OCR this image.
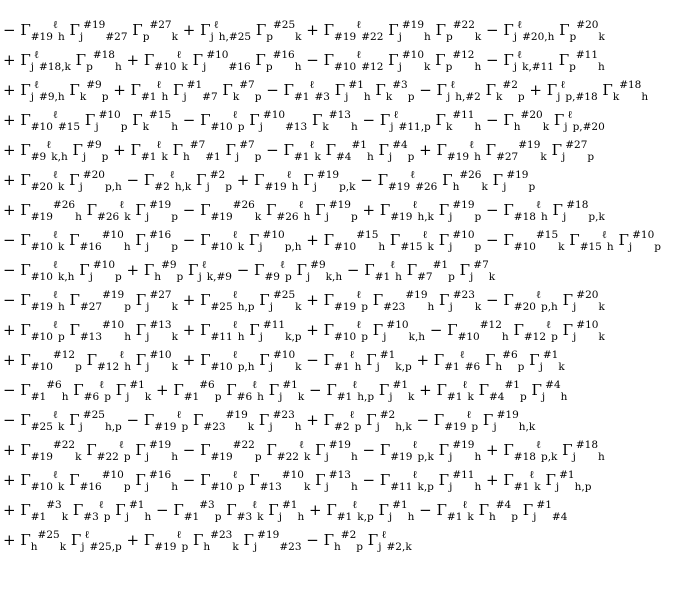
− $\Gamma_{\#19}^\ell_h$ $\Gamma_j^{\#19}_{\#27}$ $\Gamma_p^{\#27}_k + \Gamma_j^\ell_{h,\#25}$ $\Gamma_p^{\#25}_k + \Gamma_{\#19}^\ell_{\#22}$ $\Gamma_j^{\#19}_h$ $\Gamma_p^{\#22}_k - \Gamma_j^\ell_{\#20,h}$ $\Gamma_p^{\#20}_k$
+ $\Gamma_j^\ell_{\#18,k}$ $\Gamma_p^{\#18}_h + \Gamma_{\#10}^\ell_k$ $\Gamma_j^{\#10}_{\#16}$ $\Gamma_p^{\#16}_h - \Gamma_{\#10}^\ell_{\#12}$ $\Gamma_j^{\#10}_k$ $\Gamma_p^{\#12}_h - \Gamma_j^\ell_{k,\#11}$ $\Gamma_p^{\#11}_h$
+ $\Gamma_j^\ell_{\#9,h}$ $\Gamma_k^{\#9}_p + \Gamma_{\#1}^\ell_h$ $\Gamma_j^{\#1}_{\#7}$ $\Gamma_k^{\#7}_p - \Gamma_{\#1}^\ell_{\#3}$ $\Gamma_j^{\#1}_h$ $\Gamma_k^{\#3}_p - \Gamma_j^\ell_{h,\#2}$ $\Gamma_k^{\#2}_p + \Gamma_j^\ell_{p,\#18}$ $\Gamma_k^{\#18}_h$
+ $\Gamma_{\#10}^\ell_{\#15}$ $\Gamma_j^{\#10}_p$ $\Gamma_k^{\#15}_h - \Gamma_{\#10}^\ell_p$ $\Gamma_j^{\#10}_{\#13}$ $\Gamma_k^{\#13}_h - \Gamma_j^\ell_{\#11,p}$ $\Gamma_k^{\#11}_h - \Gamma_h^{\#20}_k$ $\Gamma_j^\ell_{p,\#20}$
+ $\Gamma_{\#9}^\ell_{k,h}$ $\Gamma_j^{\#9}_p + \Gamma_{\#1}^\ell_k$ $\Gamma_h^{\#7}_{\#1}$ $\Gamma_j^{\#7}_p - \Gamma_{\#1}^\ell_k$ $\Gamma_{\#4}^{\#1}_h$ $\Gamma_j^{\#4}_p + \Gamma_{\#19}^\ell_h$ $\Gamma_{\#27}^{\#19}_k$ $\Gamma_j^{\#27}_p$
+ $\Gamma_{\#20}^\ell_k$ $\Gamma_j^{\#20}_{p,h} - \Gamma_{\#2}^\ell_{h,k}$ $\Gamma_j^{\#2}_p + \Gamma_{\#19}^\ell_h$ $\Gamma_j^{\#19}_{p,k} - \Gamma_{\#19}^\ell_{\#26}$ $\Gamma_h^{\#26}_k$ $\Gamma_j^{\#19}_p$
+ $\Gamma_{\#19}^{\#26}_h$ $\Gamma_{\#26}^\ell_k$ $\Gamma_j^{\#19}_p - \Gamma_{\#19}^{\#26}_k$ $\Gamma_{\#26}^\ell_h$ $\Gamma_j^{\#19}_p + \Gamma_{\#19}^\ell_{h,k}$ $\Gamma_j^{\#19}_p - \Gamma_{\#18}^\ell_h$ $\Gamma_j^{\#18}_{p,k}$
− $\Gamma_{\#10}^\ell_k$ $\Gamma_{\#16}^{\#10}_h$ $\Gamma_j^{\#16}_p - \Gamma_{\#10}^\ell_k$ $\Gamma_j^{\#10}_{p,h} + \Gamma_{\#10}^{\#15}_h$ $\Gamma_{\#15}^\ell_k$ $\Gamma_j^{\#10}_p - \Gamma_{\#10}^{\#15}_k$ $\Gamma_{\#15}^\ell_h$ $\Gamma_j^{\#10}_p$
− $\Gamma_{\#10}^\ell_{k,h}$ $\Gamma_j^{\#10}_p + \Gamma_h^{\#9}_p$ $\Gamma_j^\ell_{k,\#9} - \Gamma_{\#9}^\ell_p$ $\Gamma_j^{\#9}_{k,h} - \Gamma_{\#1}^\ell_h$ $\Gamma_{\#7}^{\#1}_p$ $\Gamma_j^{\#7}_k$
− $\Gamma_{\#19}^\ell_h$ $\Gamma_{\#27}^{\#19}_p$ $\Gamma_j^{\#27}_k + \Gamma_{\#25}^\ell_{h,p}$ $\Gamma_j^{\#25}_k + \Gamma_{\#19}^\ell_p$ $\Gamma_{\#23}^{\#19}_h$ $\Gamma_j^{\#23}_k - \Gamma_{\#20}^\ell_{p,h}$ $\Gamma_j^{\#20}_k$
+ $\Gamma_{\#10}^\ell_p$ $\Gamma_{\#13}^{\#10}_h$ $\Gamma_j^{\#13}_k + \Gamma_{\#11}^\ell_h$ $\Gamma_j^{\#11}_{k,p} + \Gamma_{\#10}^\ell_p$ $\Gamma_j^{\#10}_{k,h} - \Gamma_{\#10}^{\#12}_h$ $\Gamma_{\#12}^\ell_p$ $\Gamma_j^{\#10}_k$
+ $\Gamma_{\#10}^{\#12}_p$ $\Gamma_{\#12}^\ell_h$ $\Gamma_j^{\#10}_k + \Gamma_{\#10}^\ell_{p,h}$ $\Gamma_j^{\#10}_k - \Gamma_{\#1}^\ell_h$ $\Gamma_j^{\#1}_{k,p} + \Gamma_{\#1}^\ell_{\#6}$ $\Gamma_h^{\#6}_p$ $\Gamma_j^{\#1}_k$
− $\Gamma_{\#1}^{\#6}_h$ $\Gamma_{\#6}^\ell_p$ $\Gamma_j^{\#1}_k + \Gamma_{\#1}^{\#6}_p$ $\Gamma_{\#6}^\ell_h$ $\Gamma_j^{\#1}_k - \Gamma_{\#1}^\ell_{h,p}$ $\Gamma_j^{\#1}_k + \Gamma_{\#1}^\ell_k$ $\Gamma_{\#4}^{\#1}_p$ $\Gamma_j^{\#4}_h$
− $\Gamma_{\#25}^\ell_k$ $\Gamma_j^{\#25}_{h,p} - \Gamma_{\#19}^\ell_p$ $\Gamma_{\#23}^{\#19}_k$ $\Gamma_j^{\#23}_h + \Gamma_{\#2}^\ell_p$ $\Gamma_j^{\#2}_{h,k} - \Gamma_{\#19}^\ell_p$ $\Gamma_j^{\#19}_{h,k}$
+ $\Gamma_{\#19}^{\#22}_k$ $\Gamma_{\#22}^\ell_p$ $\Gamma_j^{\#19}_h - \Gamma_{\#19}^{\#22}_p$ $\Gamma_{\#22}^\ell_k$ $\Gamma_j^{\#19}_h - \Gamma_{\#19}^\ell_{p,k}$ $\Gamma_j^{\#19}_h + \Gamma_{\#18}^\ell_{p,k}$ $\Gamma_j^{\#18}_h$
+ $\Gamma_{\#10}^\ell_k$ $\Gamma_{\#16}^{\#10}_p$ $\Gamma_j^{\#16}_h - \Gamma_{\#10}^\ell_p$ $\Gamma_{\#13}^{\#10}_k$ $\Gamma_j^{\#13}_h - \Gamma_{\#11}^\ell_{k,p}$ $\Gamma_j^{\#11}_h + \Gamma_{\#1}^\ell_k$ $\Gamma_j^{\#1}_{h,p}$
+ $\Gamma_{\#1}^{\#3}_k$ $\Gamma_{\#3}^\ell_p$ $\Gamma_j^{\#1}_h - \Gamma_{\#1}^{\#3}_p$ $\Gamma_{\#3}^\ell_k$ $\Gamma_j^{\#1}_h + \Gamma_{\#1}^\ell_{k,p}$ $\Gamma_j^{\#1}_h - \Gamma_{\#1}^\ell_k$ $\Gamma_h^{\#4}_p$ $\Gamma_j^{\#1}_{\#4}$
+ $\Gamma_h^{\#25}_k$ $\Gamma_j^\ell_{\#25,p} + \Gamma_{\#19}^\ell_p$ $\Gamma_h^{\#23}_k$ $\Gamma_j^{\#19}_{\#23} - \Gamma_h^{\#2}_p$ $\Gamma_j^\ell_{\#2,k}$
